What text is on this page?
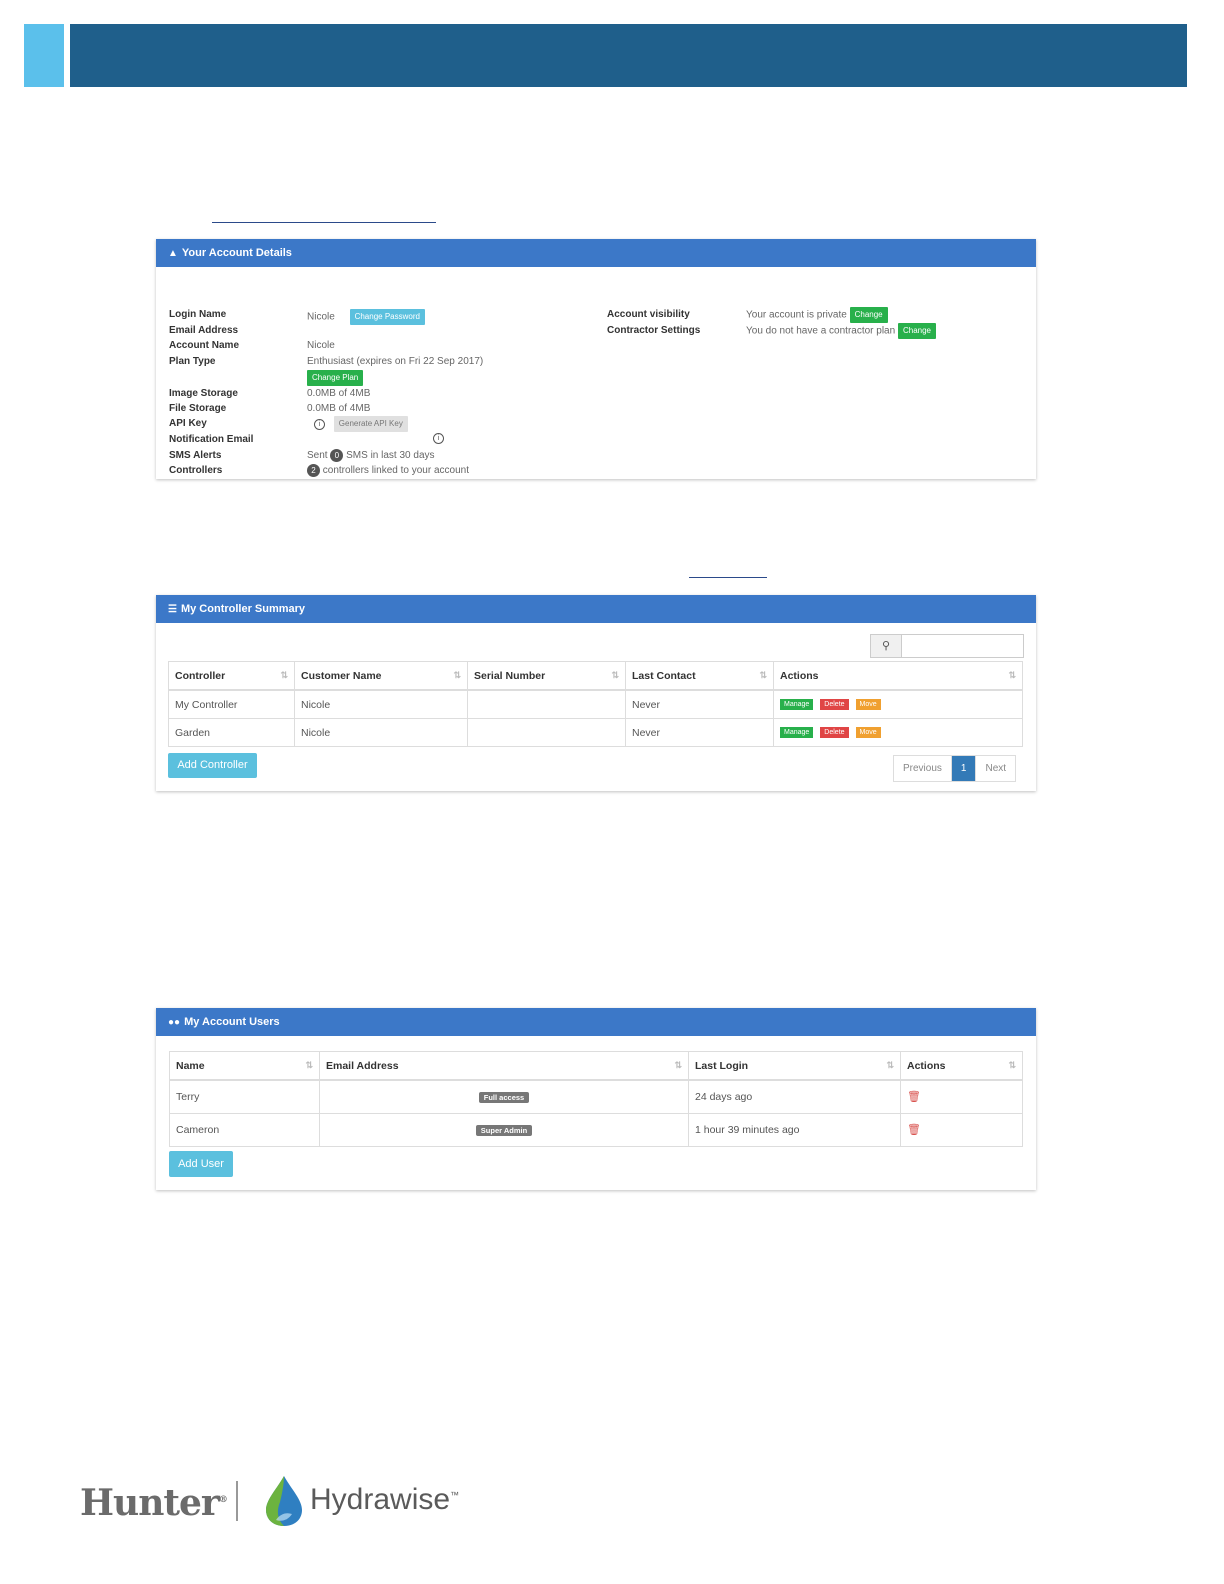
▲ Your Account Details
Login Name	Nicole Change Password
Email Address
Account Name	Nicole
Plan Type	Enthusiast (expires on Fri 22 Sep 2017)
Change Plan
Image Storage	0.0MB of 4MB
File Storage	0.0MB of 4MB
API Key	i Generate API Key
Notification Email	i
SMS Alerts	Sent 0 SMS in last 30 days
Controllers	2 controllers linked to your account
Account visibility	Your account is private Change
Contractor Settings	You do not have a contractor plan Change
☰ My Controller Summary
⚲
Controller ⇅	Customer Name ⇅	Serial Number ⇅	Last Contact ⇅	Actions ⇅

My Controller	Nicole		Never	Manage Delete Move
Garden	Nicole		Never	Manage Delete Move
Add Controller	Previous	1	Next
●● My Account Users
Name ⇅	Email Address ⇅	Last Login ⇅	Actions ⇅

Terry	Full access	24 days ago	🗑
Cameron	Super Admin	1 hour 39 minutes ago	🗑
Add User
Hunter®	Hydrawise™
